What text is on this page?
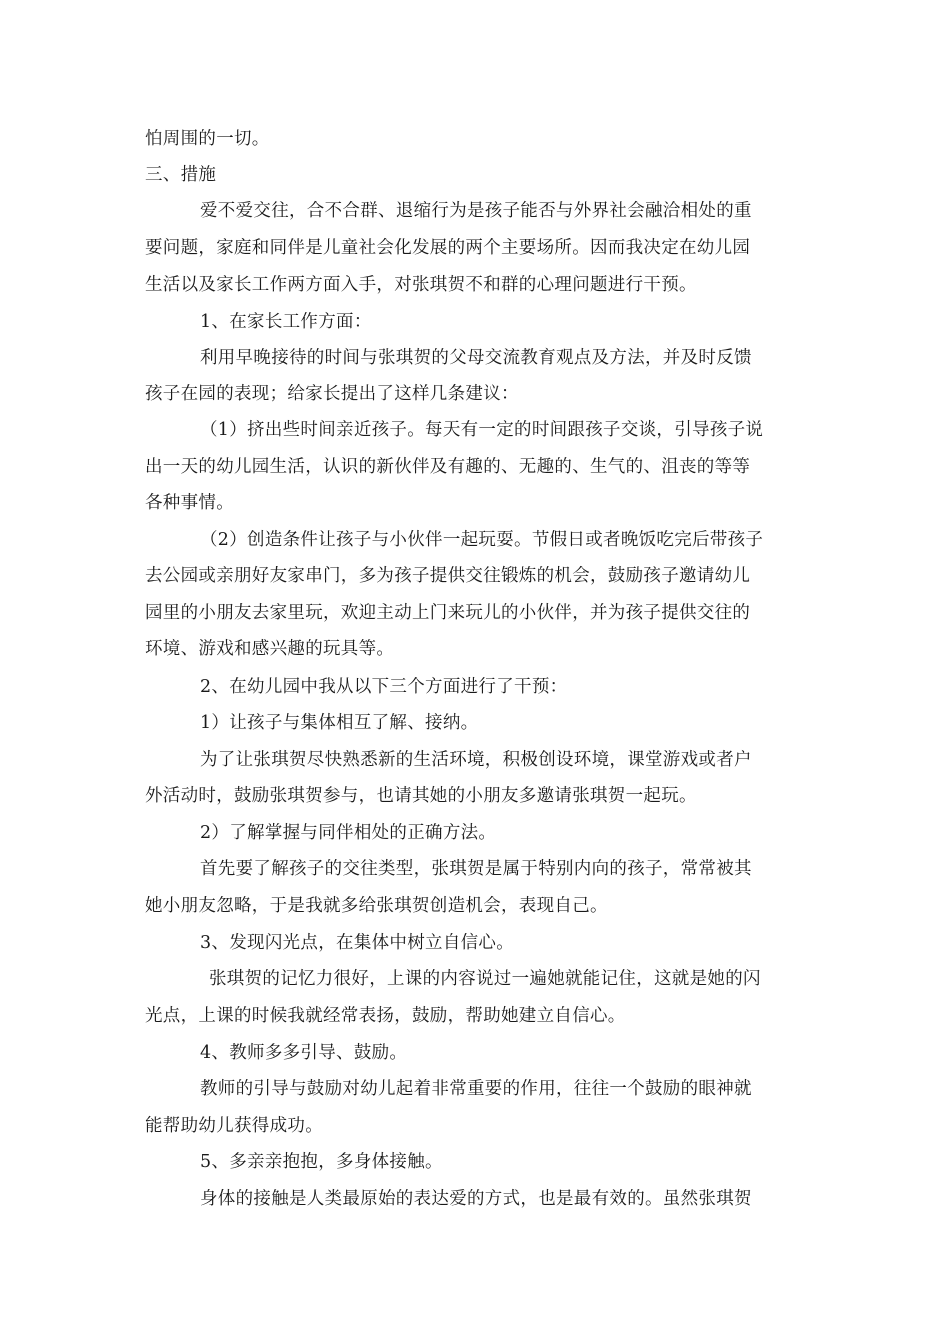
怕周围的一切。
三、措施
爱不爱交往，合不合群、退缩行为是孩子能否与外界社会融洽相处的重
要问题，家庭和同伴是儿童社会化发展的两个主要场所。因而我决定在幼儿园
生活以及家长工作两方面入手，对张琪贺不和群的心理问题进行干预。
1、在家长工作方面：
利用早晚接待的时间与张琪贺的父母交流教育观点及方法，并及时反馈
孩子在园的表现；给家长提出了这样几条建议：
（1）挤出些时间亲近孩子。每天有一定的时间跟孩子交谈，引导孩子说
出一天的幼儿园生活，认识的新伙伴及有趣的、无趣的、生气的、沮丧的等等
各种事情。
（2）创造条件让孩子与小伙伴一起玩耍。节假日或者晚饭吃完后带孩子
去公园或亲朋好友家串门，多为孩子提供交往锻炼的机会，鼓励孩子邀请幼儿
园里的小朋友去家里玩，欢迎主动上门来玩儿的小伙伴，并为孩子提供交往的
环境、游戏和感兴趣的玩具等。
2、在幼儿园中我从以下三个方面进行了干预：
1）让孩子与集体相互了解、接纳。
为了让张琪贺尽快熟悉新的生活环境，积极创设环境，课堂游戏或者户
外活动时，鼓励张琪贺参与，也请其她的小朋友多邀请张琪贺一起玩。
2）了解掌握与同伴相处的正确方法。
首先要了解孩子的交往类型，张琪贺是属于特别内向的孩子，常常被其
她小朋友忽略，于是我就多给张琪贺创造机会，表现自己。
3、发现闪光点，在集体中树立自信心。
张琪贺的记忆力很好，上课的内容说过一遍她就能记住，这就是她的闪
光点，上课的时候我就经常表扬，鼓励，帮助她建立自信心。
4、教师多多引导、鼓励。
教师的引导与鼓励对幼儿起着非常重要的作用，往往一个鼓励的眼神就
能帮助幼儿获得成功。
5、多亲亲抱抱，多身体接触。
身体的接触是人类最原始的表达爱的方式，也是最有效的。虽然张琪贺
